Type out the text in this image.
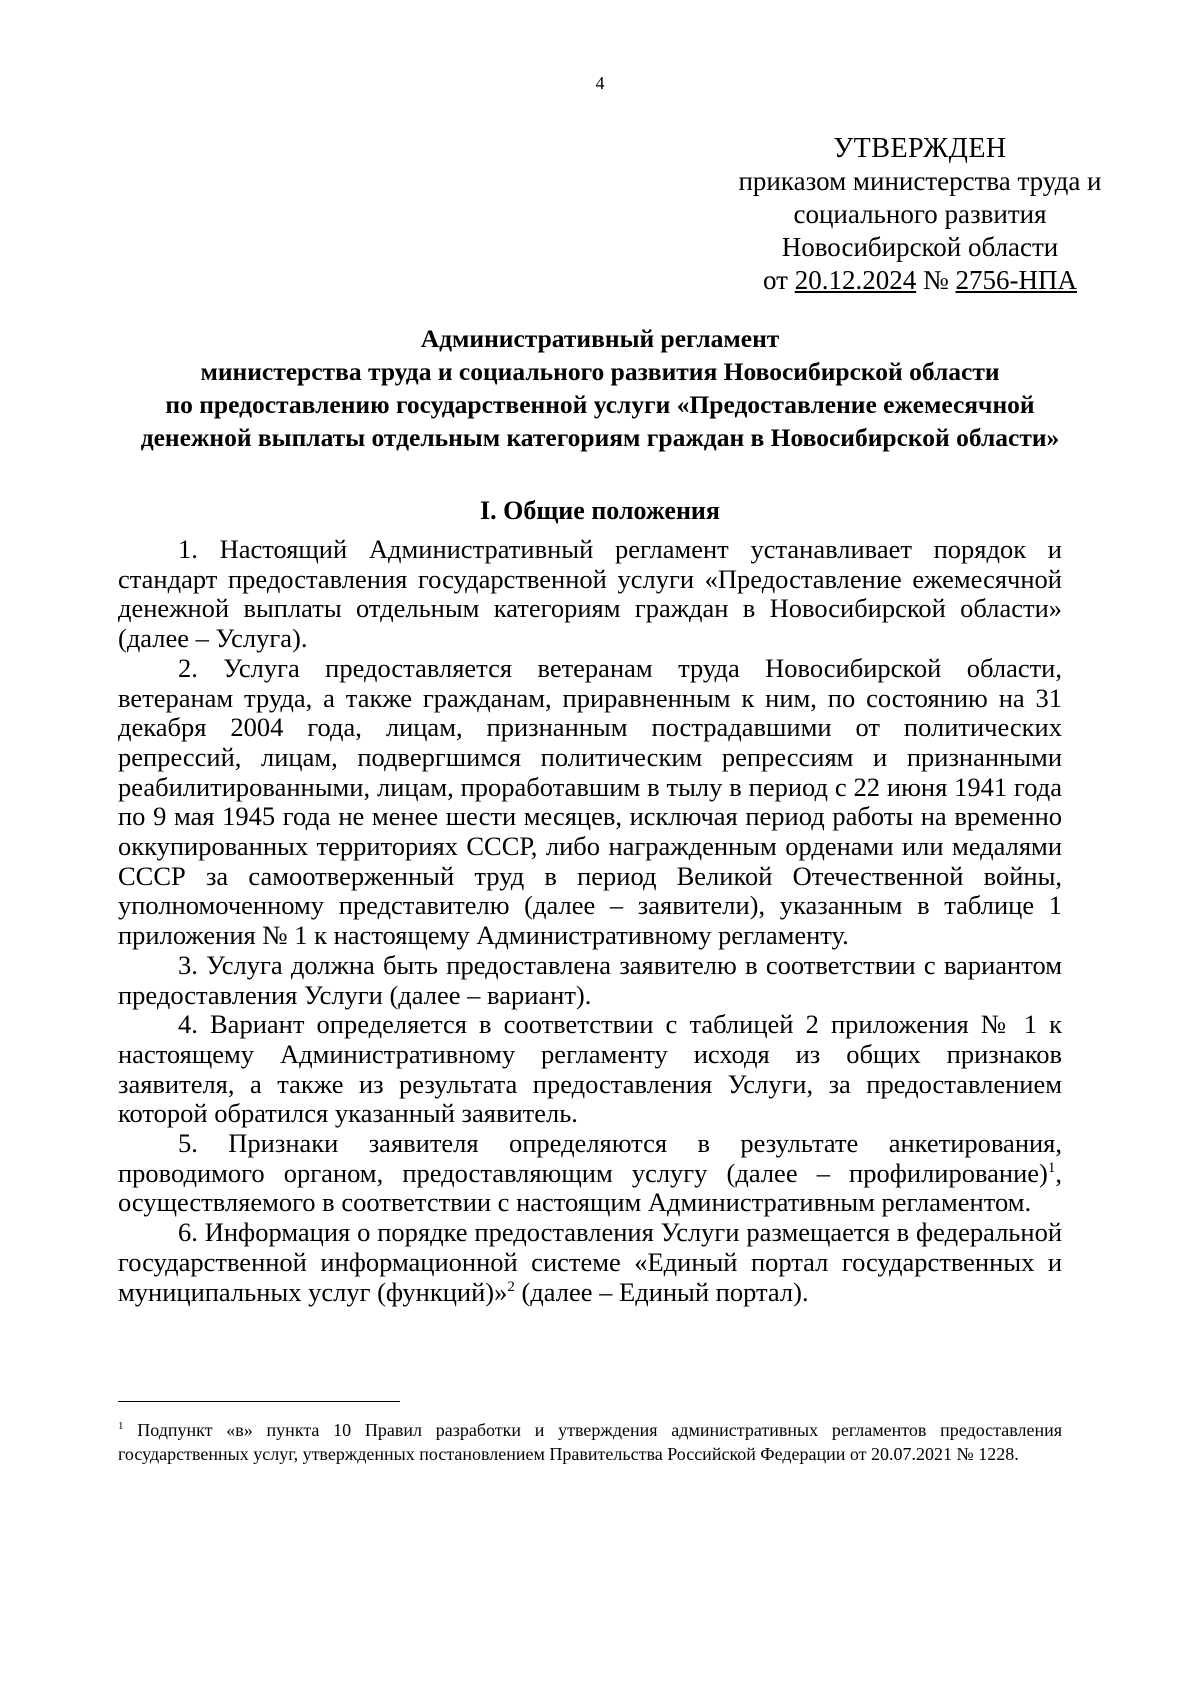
4
УТВЕРЖДЕН
приказом министерства труда и
социального развития
Новосибирской области
от 20.12.2024 № 2756-НПА
Административный регламент
министерства труда и социального развития Новосибирской области
по предоставлению государственной услуги «Предоставление ежемесячной
денежной выплаты отдельным категориям граждан в Новосибирской области»
I. Общие положения

1. Настоящий Административный регламент устанавливает порядок и стандарт предоставления государственной услуги «Предоставление ежемесячной денежной выплаты отдельным категориям граждан в Новосибирской области» (далее – Услуга).

2. Услуга предоставляется ветеранам труда Новосибирской области, ветеранам труда, а также гражданам, приравненным к ним, по состоянию на 31 декабря 2004 года, лицам, признанным пострадавшими от политических репрессий, лицам, подвергшимся политическим репрессиям и признанными реабилитированными, лицам, проработавшим в тылу в период с 22 июня 1941 года по 9 мая 1945 года не менее шести месяцев, исключая период работы на временно оккупированных территориях СССР, либо награжденным орденами или медалями СССР за самоотверженный труд в период Великой Отечественной войны, уполномоченному представителю (далее – заявители), указанным в таблице 1 приложения № 1 к настоящему Административному регламенту.

3. Услуга должна быть предоставлена заявителю в соответствии с вариантом предоставления Услуги (далее – вариант).

4. Вариант определяется в соответствии с таблицей 2 приложения № 1 к настоящему Административному регламенту исходя из общих признаков заявителя, а также из результата предоставления Услуги, за предоставлением которой обратился указанный заявитель.

5. Признаки заявителя определяются в результате анкетирования, проводимого органом, предоставляющим услугу (далее – профилирование)$^1$, осуществляемого в соответствии с настоящим Административным регламентом.

6. Информация о порядке предоставления Услуги размещается в федеральной государственной информационной системе «Единый портал государственных и муниципальных услуг (функций)»$^2$ (далее – Единый портал).

$^1$ Подпункт «в» пункта 10 Правил разработки и утверждения административных регламентов предоставления государственных услуг, утвержденных постановлением Правительства Российской Федерации от 20.07.2021 № 1228.
